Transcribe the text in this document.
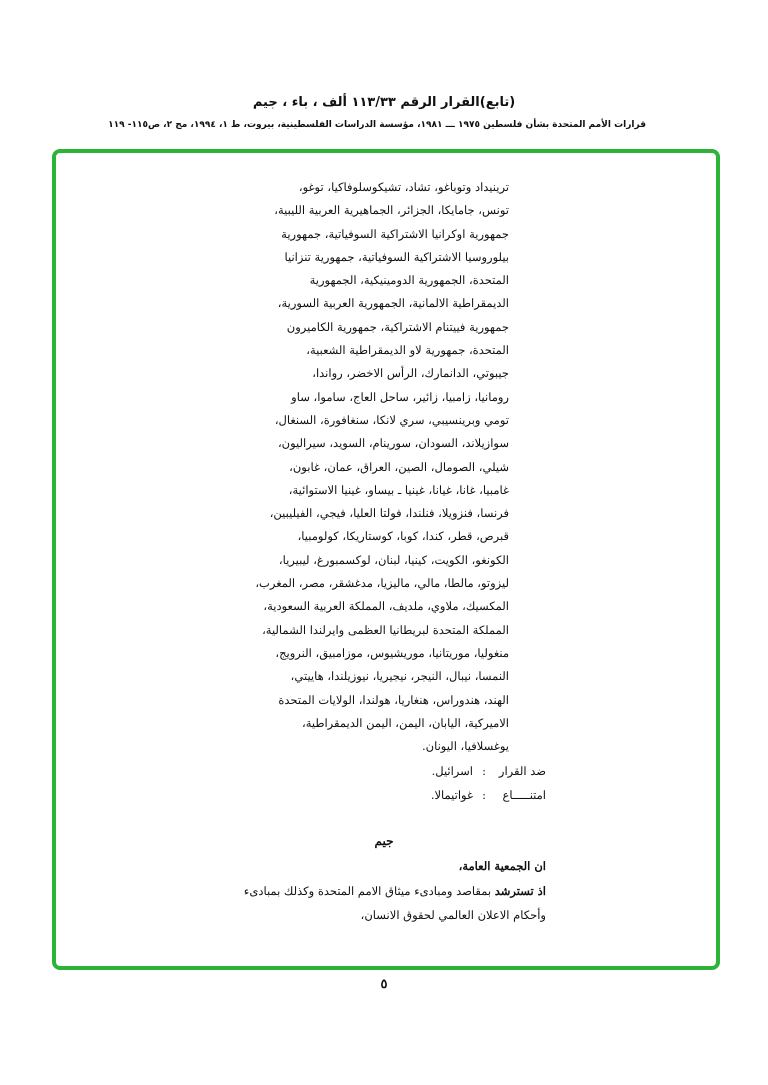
(تابع)القرار الرقم ١١٣/٣٣ ألف ، باء ، جيم
قرارات الأمم المتحدة بشأن فلسطين ١٩٧٥ ـــ ١٩٨١، مؤسسة الدراسات الفلسطينية، بيروت، ط ١، ١٩٩٤، مج ٢، ص١١٥- ١١٩
ترينيداد وتوباغو، تشاد، تشيكوسلوفاكيا، توغو،
تونس، جامايكا، الجزائر، الجماهيرية العربية الليبية،
جمهورية اوكرانيا الاشتراكية السوفياتية، جمهورية
بيلوروسيا الاشتراكية السوفياتية، جمهورية تنزانيا
المتحدة، الجمهورية الدومينيكية، الجمهورية
الديمقراطية الالمانية، الجمهورية العربية السورية،
جمهورية فييتنام الاشتراكية، جمهورية الكاميرون
المتحدة، جمهورية لاو الديمقراطية الشعبية،
جيبوتي، الدانمارك، الرأس الاخضر، رواندا،
رومانيا، زامبيا، زائير، ساحل العاج، ساموا، ساو
تومي وبرينسيبي، سري لانكا، سنغافورة، السنغال،
سوازيلاند، السودان، سورينام، السويد، سيراليون،
شيلي، الصومال، الصين، العراق، عمان، غابون،
غامبيا، غانا، غيانا، غينيا ـ بيساو، غينيا الاستوائية،
فرنسا، فنزويلا، فنلندا، فولتا العليا، فيجي، الفيليبين،
قبرص، قطر، كندا، كوبا، كوستاريكا، كولومبيا،
الكونغو، الكويت، كينيا، لبنان، لوكسمبورغ، ليبيريا،
ليزوتو، مالطا، مالي، ماليزيا، مدغشقر، مصر، المغرب،
المكسيك، ملاوي، ملديف، المملكة العربية السعودية،
المملكة المتحدة لبريطانيا العظمى وايرلندا الشمالية،
منغوليا، موريتانيا، موريشيوس، موزامبيق، النرويج،
النمسا، نيبال، النيجر، نيجيريا، نيوزيلندا، هاييتي،
الهند، هندوراس، هنغاريا، هولندا، الولايات المتحدة
الاميركية، اليابان، اليمن، اليمن الديمقراطية،
يوغسلافيا، اليونان.
ضد القرار
:
اسرائيل.
امتنـــــاع
:
غواتيمالا.
جيم
ان الجمعية العامة،
اذ تسترشد بمقاصد ومبادىء ميثاق الامم المتحدة وكذلك بمبادىء
وأحكام الاعلان العالمي لحقوق الانسان،
٥
